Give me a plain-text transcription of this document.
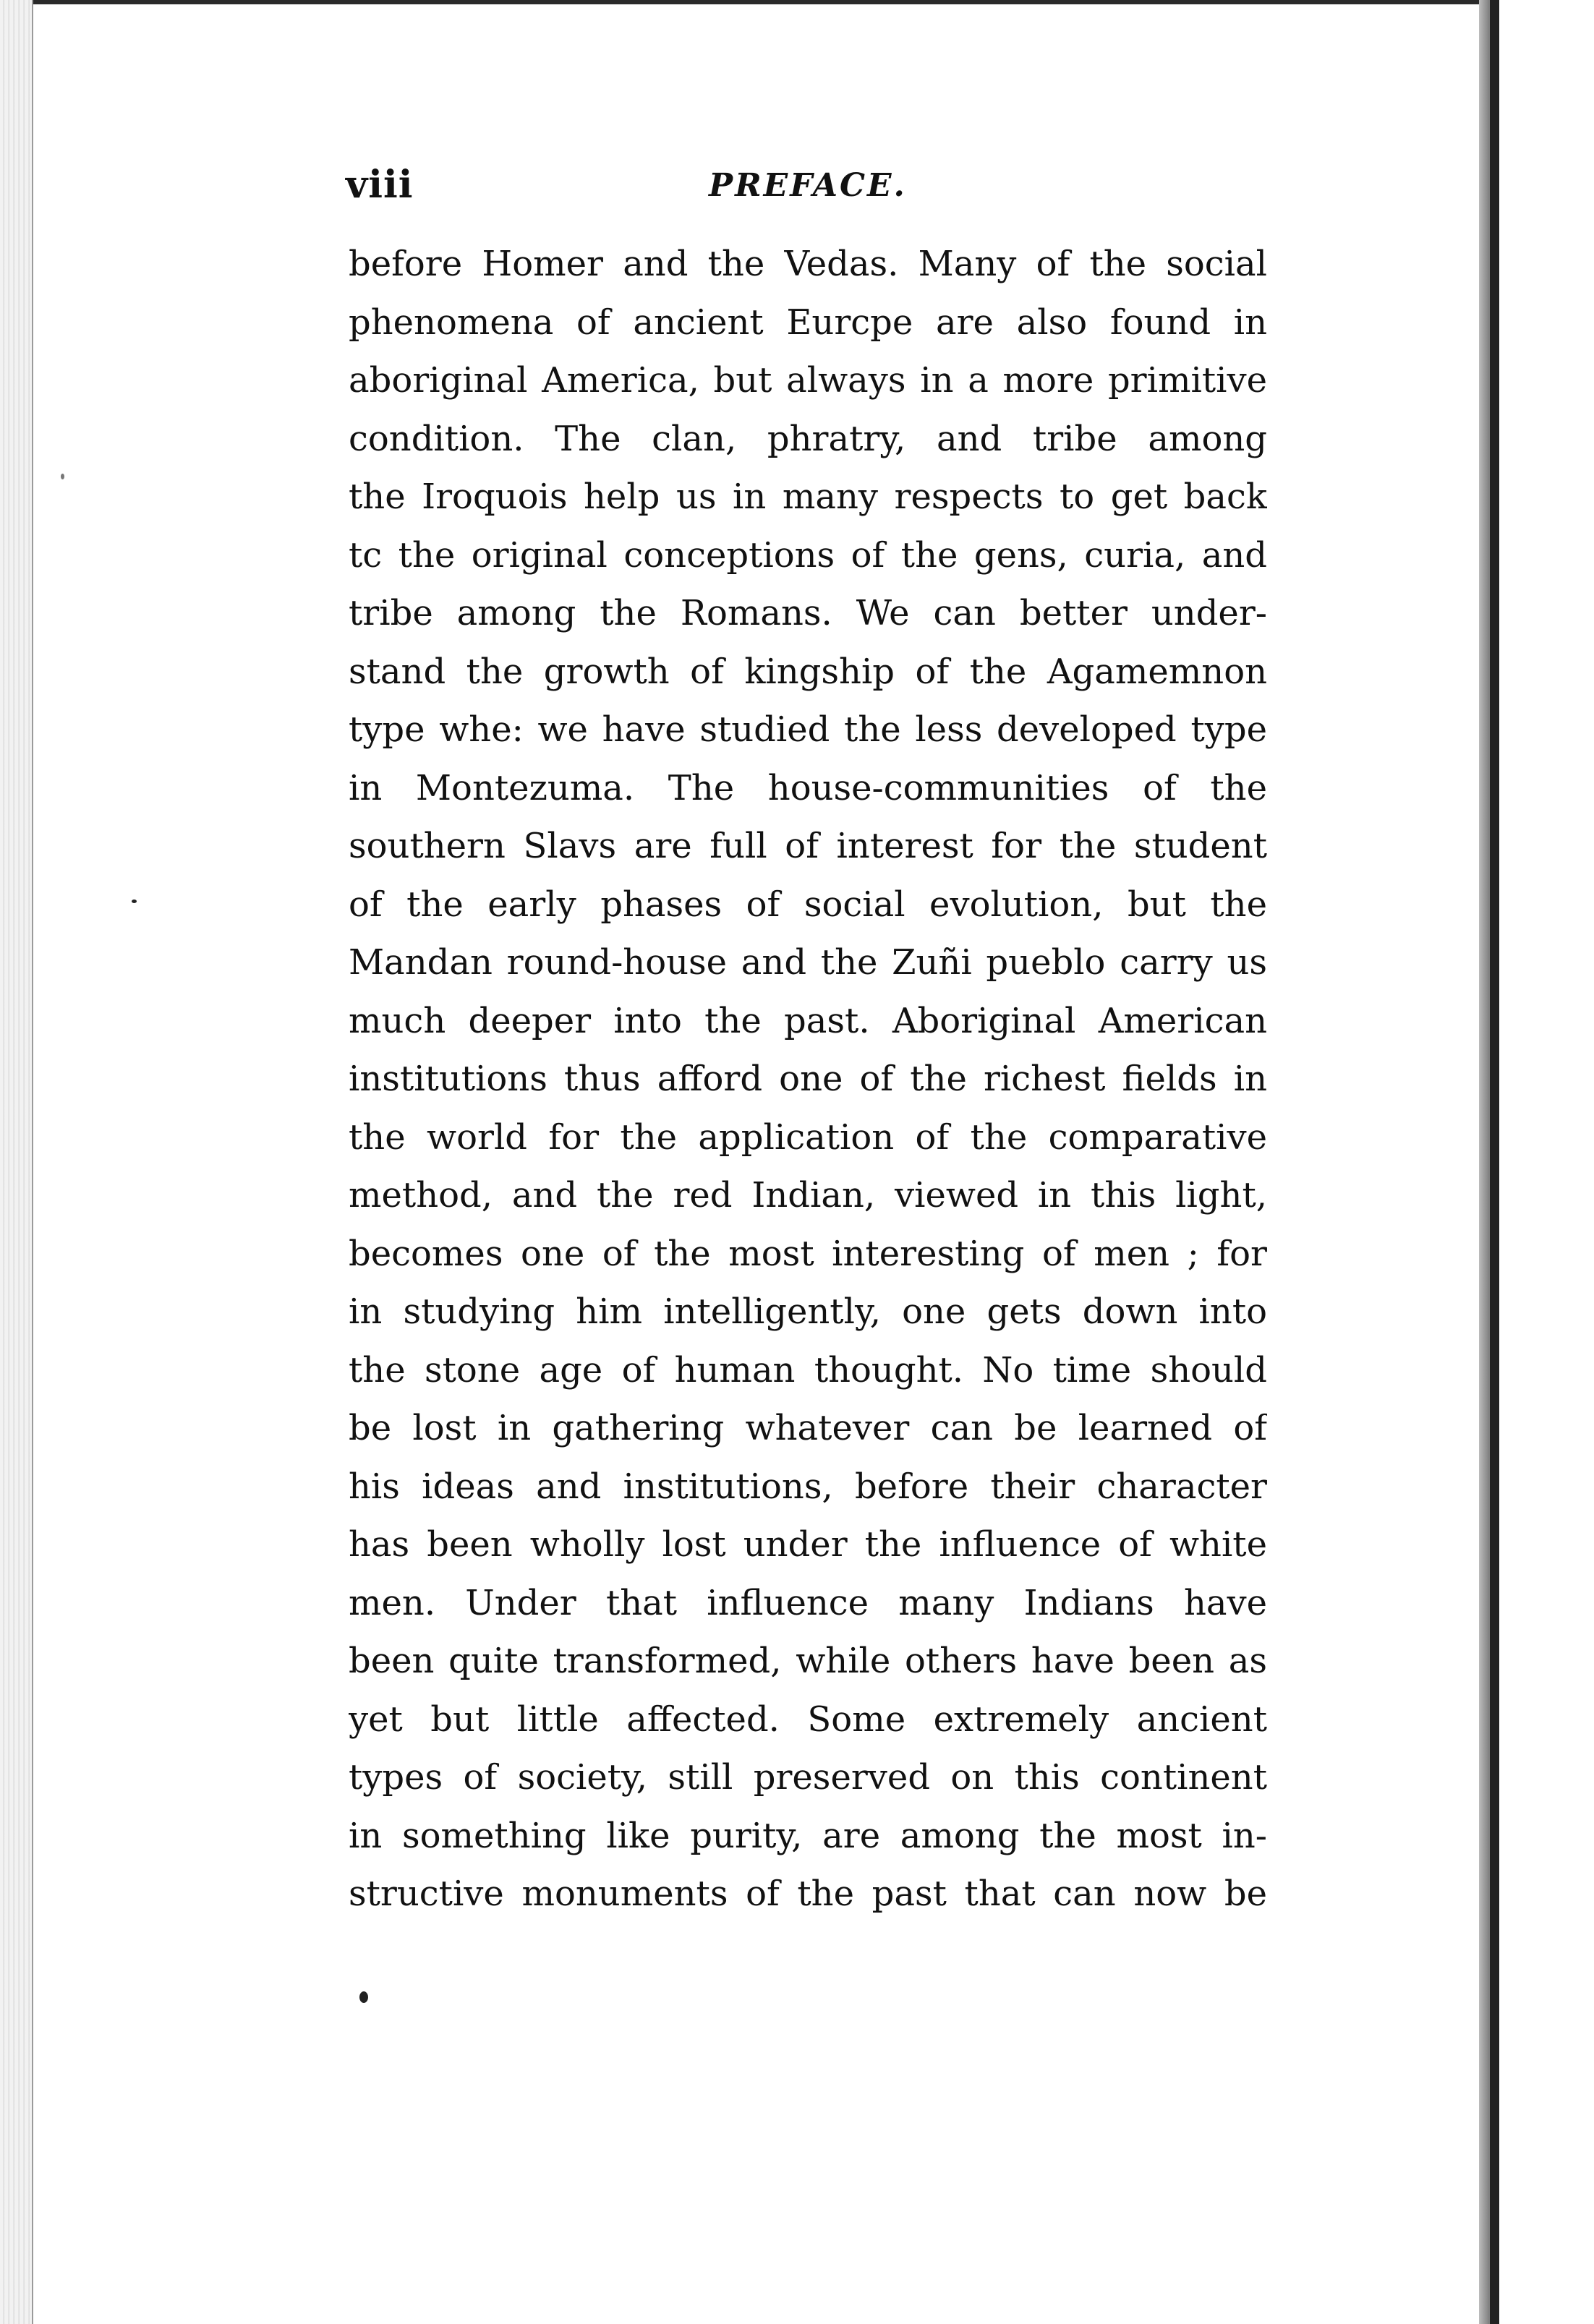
viii	PREFACE.
before Homer and the Vedas. Many of the social
phenomena of ancient Eurcpe are also found in
aboriginal America, but always in a more primitive
condition. The clan, phratry, and tribe among
the Iroquois help us in many respects to get back
tc the original conceptions of the gens, curia, and
tribe among the Romans. We can better under-
stand the growth of kingship of the Agamemnon
type whe: we have studied the less developed type
in Montezuma. The house-communities of the
southern Slavs are full of interest for the student
of the early phases of social evolution, but the
Mandan round-house and the Zuñi pueblo carry us
much deeper into the past. Aboriginal American
institutions thus afford one of the richest fields in
the world for the application of the comparative
method, and the red Indian, viewed in this light,
becomes one of the most interesting of men ; for
in studying him intelligently, one gets down into
the stone age of human thought. No time should
be lost in gathering whatever can be learned of
his ideas and institutions, before their character
has been wholly lost under the influence of white
men. Under that influence many Indians have
been quite transformed, while others have been as
yet but little affected. Some extremely ancient
types of society, still preserved on this continent
in something like purity, are among the most in-
structive monuments of the past that can now be
